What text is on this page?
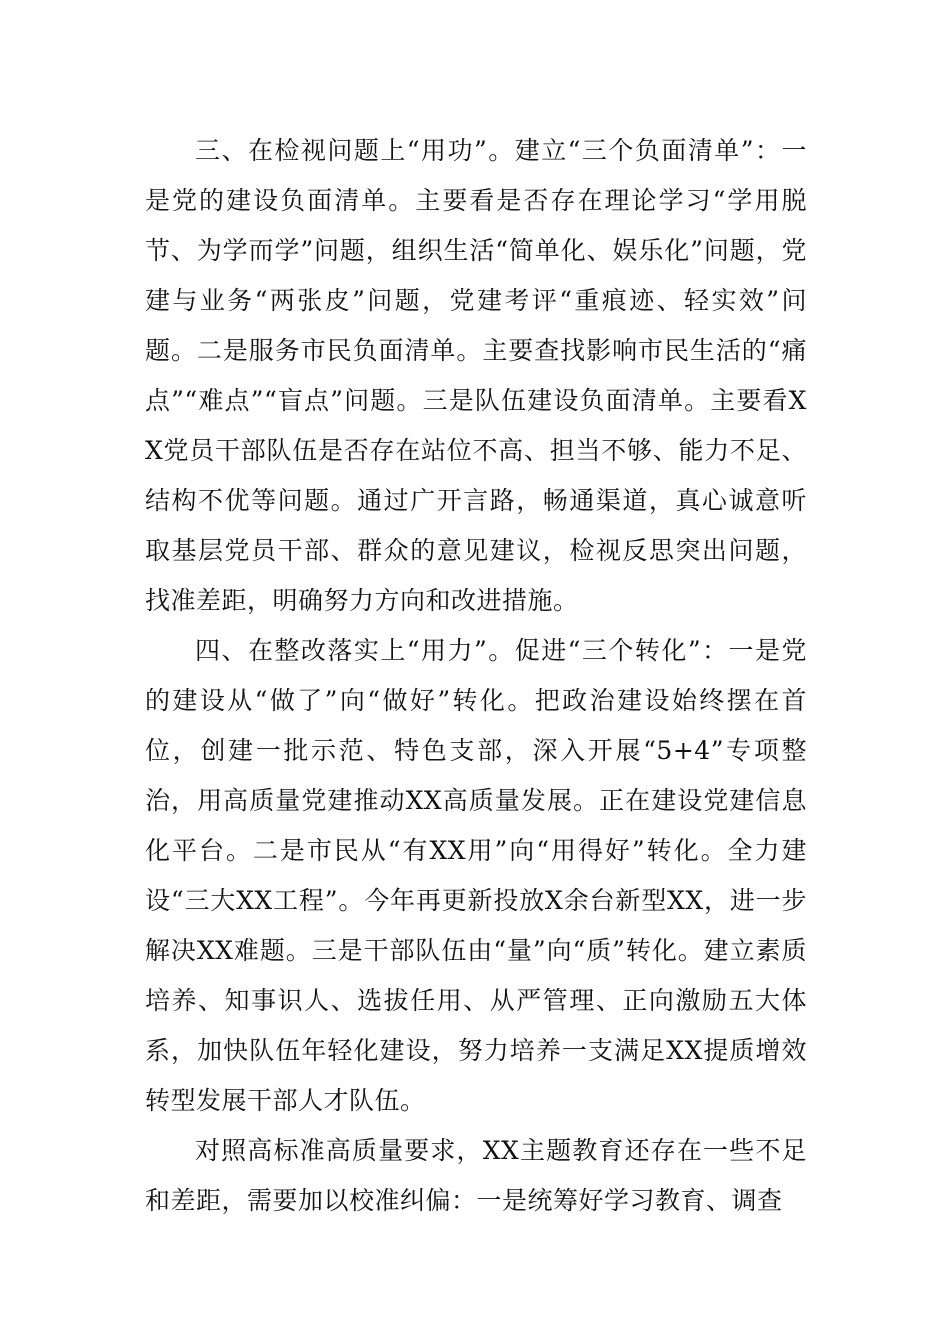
三、在检视问题上“用功”。建立“三个负面清单”：一是党的建设负面清单。主要看是否存在理论学习“学用脱节、为学而学”问题，组织生活“简单化、娱乐化”问题，党建与业务“两张皮”问题，党建考评“重痕迹、轻实效”问题。二是服务市民负面清单。主要查找影响市民生活的“痛点”“难点”“盲点”问题。三是队伍建设负面清单。主要看XX党员干部队伍是否存在站位不高、担当不够、能力不足、结构不优等问题。通过广开言路，畅通渠道，真心诚意听取基层党员干部、群众的意见建议，检视反思突出问题，找准差距，明确努力方向和改进措施。

四、在整改落实上“用力”。促进“三个转化”：一是党的建设从“做了”向“做好”转化。把政治建设始终摆在首位，创建一批示范、特色支部，深入开展“5+4”专项整治，用高质量党建推动XX高质量发展。正在建设党建信息化平台。二是市民从“有XX用”向“用得好”转化。全力建设“三大XX工程”。今年再更新投放X余台新型XX，进一步解决XX难题。三是干部队伍由“量”向“质”转化。建立素质培养、知事识人、选拔任用、从严管理、正向激励五大体系，加快队伍年轻化建设，努力培养一支满足XX提质增效转型发展干部人才队伍。

对照高标准高质量要求，XX主题教育还存在一些不足和差距，需要加以校准纠偏：一是统筹好学习教育、调查
